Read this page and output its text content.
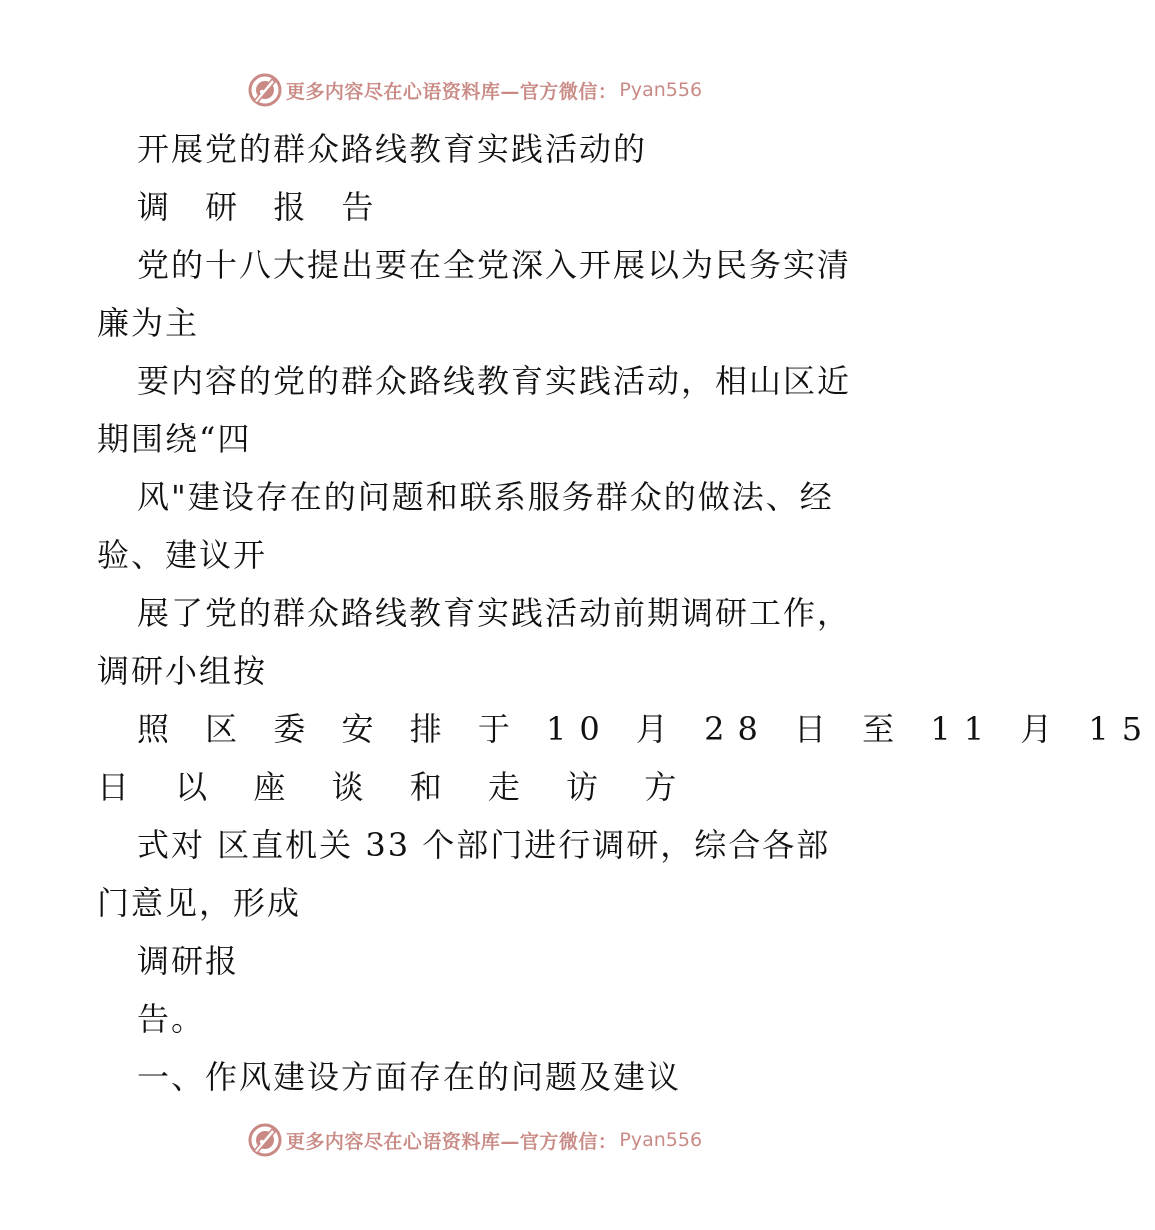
更多内容尽在心语资料库—官方微信： Pyan556
开展党的群众路线教育实践活动的
调 研 报 告
党的十八大提出要在全党深入开展以为民务实清
廉为主
要内容的党的群众路线教育实践活动，相山区近
期围绕“四
风"建设存在的问题和联系服务群众的做法、经
验、建议开
展了党的群众路线教育实践活动前期调研工作，
调研小组按
照 区 委 安 排 于 10 月 28 日 至 11 月 15
日 以 座 谈 和 走 访 方
式对 区直机关 33 个部门进行调研，综合各部
门意见，形成
调研报
告。
一、作风建设方面存在的问题及建议
更多内容尽在心语资料库—官方微信： Pyan556
